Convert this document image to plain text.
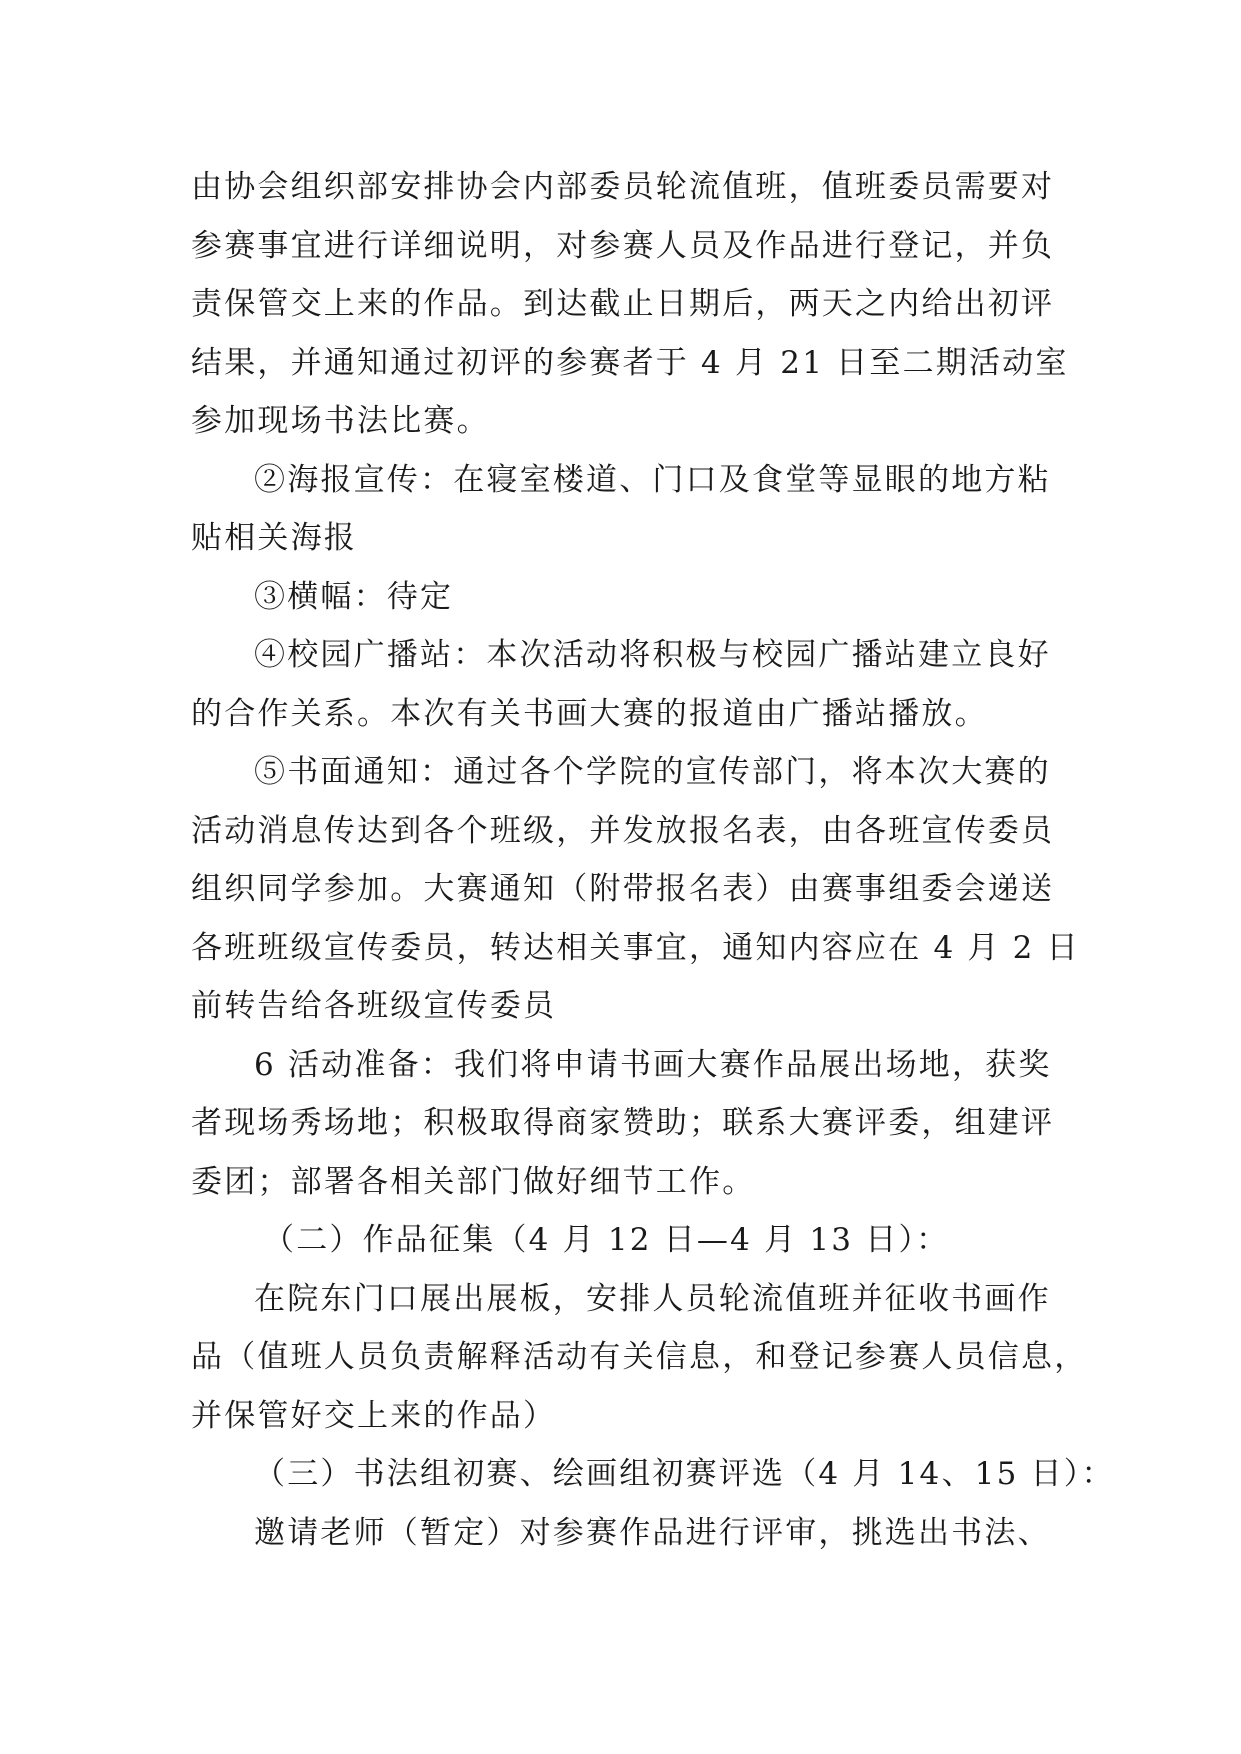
由协会组织部安排协会内部委员轮流值班，值班委员需要对
参赛事宜进行详细说明，对参赛人员及作品进行登记，并负
责保管交上来的作品。到达截止日期后，两天之内给出初评
结果，并通知通过初评的参赛者于 4 月 21 日至二期活动室
参加现场书法比赛。
②海报宣传：在寝室楼道、门口及食堂等显眼的地方粘
贴相关海报
③横幅：待定
④校园广播站：本次活动将积极与校园广播站建立良好
的合作关系。本次有关书画大赛的报道由广播站播放。
⑤书面通知：通过各个学院的宣传部门，将本次大赛的
活动消息传达到各个班级，并发放报名表，由各班宣传委员
组织同学参加。大赛通知（附带报名表）由赛事组委会递送
各班班级宣传委员，转达相关事宜，通知内容应在 4 月 2 日
前转告给各班级宣传委员
6 活动准备：我们将申请书画大赛作品展出场地，获奖
者现场秀场地；积极取得商家赞助；联系大赛评委，组建评
委团；部署各相关部门做好细节工作。
（二）作品征集（4 月 12 日—4 月 13 日）：
在院东门口展出展板，安排人员轮流值班并征收书画作
品（值班人员负责解释活动有关信息，和登记参赛人员信息，
并保管好交上来的作品）
（三）书法组初赛、绘画组初赛评选（4 月 14、15 日）：
邀请老师（暂定）对参赛作品进行评审，挑选出书法、
